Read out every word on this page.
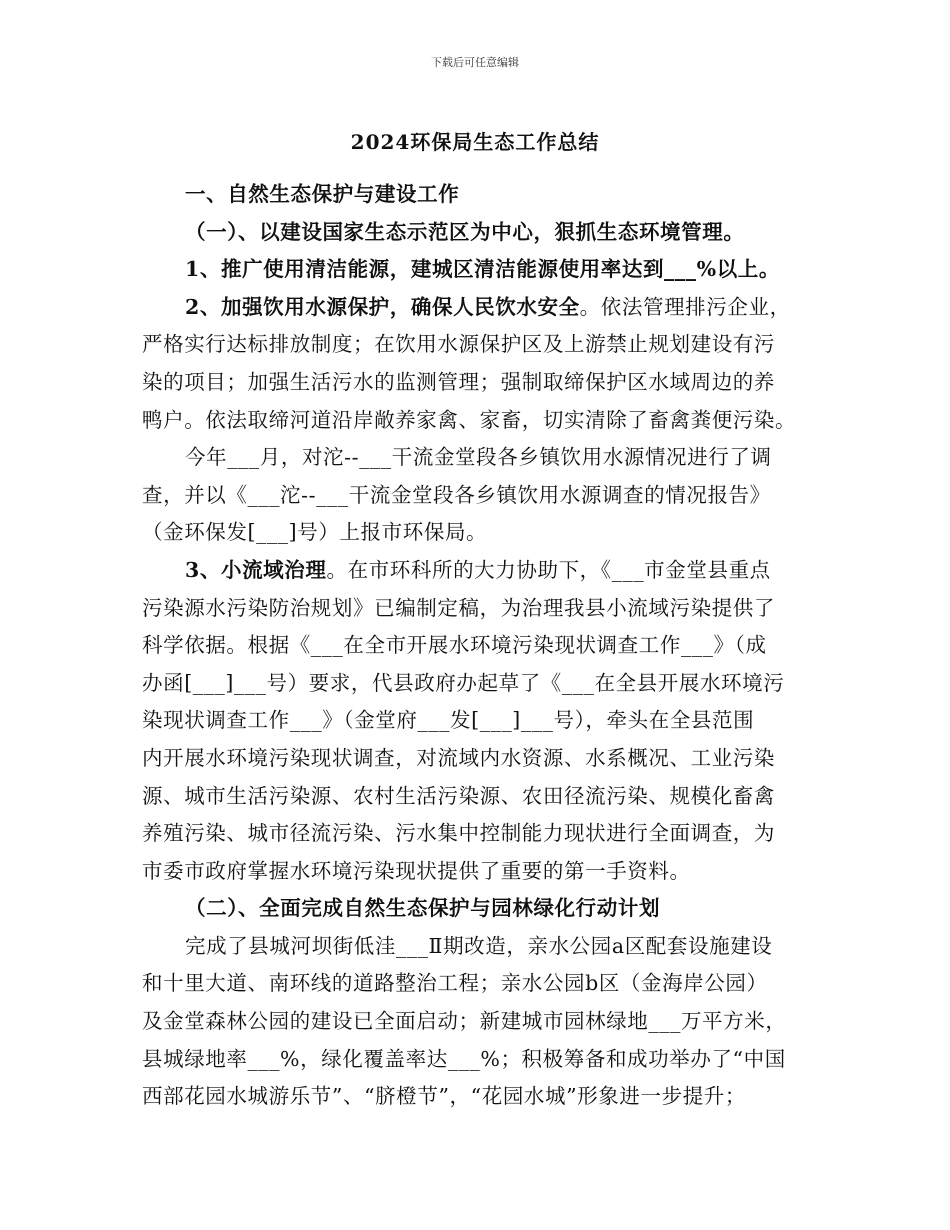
下载后可任意编辑
2024环保局生态工作总结
一、自然生态保护与建设工作
（一）、以建设国家生态示范区为中心，狠抓生态环境管理。
1、推广使用清洁能源，建城区清洁能源使用率达到___%以上。
2、加强饮用水源保护，确保人民饮水安全。依法管理排污企业，
严格实行达标排放制度；在饮用水源保护区及上游禁止规划建设有污
染的项目；加强生活污水的监测管理；强制取缔保护区水域周边的养
鸭户。依法取缔河道沿岸敞养家禽、家畜，切实清除了畜禽粪便污染。
今年___月，对沱--___干流金堂段各乡镇饮用水源情况进行了调
查，并以《___沱--___干流金堂段各乡镇饮用水源调查的情况报告》
（金环保发[___]号）上报市环保局。
3、小流域治理。在市环科所的大力协助下，《___市金堂县重点
污染源水污染防治规划》已编制定稿，为治理我县小流域污染提供了
科学依据。根据《___在全市开展水环境污染现状调查工作___》（成
办函[___]___号）要求，代县政府办起草了《___在全县开展水环境污
染现状调查工作___》（金堂府___发[___]___号），牵头在全县范围
内开展水环境污染现状调查，对流域内水资源、水系概况、工业污染
源、城市生活污染源、农村生活污染源、农田径流污染、规模化畜禽
养殖污染、城市径流污染、污水集中控制能力现状进行全面调查，为
市委市政府掌握水环境污染现状提供了重要的第一手资料。
（二）、全面完成自然生态保护与园林绿化行动计划
完成了县城河坝街低洼___Ⅱ期改造，亲水公园a区配套设施建设
和十里大道、南环线的道路整治工程；亲水公园b区（金海岸公园）
及金堂森林公园的建设已全面启动；新建城市园林绿地___万平方米，
县城绿地率___%，绿化覆盖率达___%；积极筹备和成功举办了“中国
西部花园水城游乐节”、“脐橙节”，“花园水城”形象进一步提升；
